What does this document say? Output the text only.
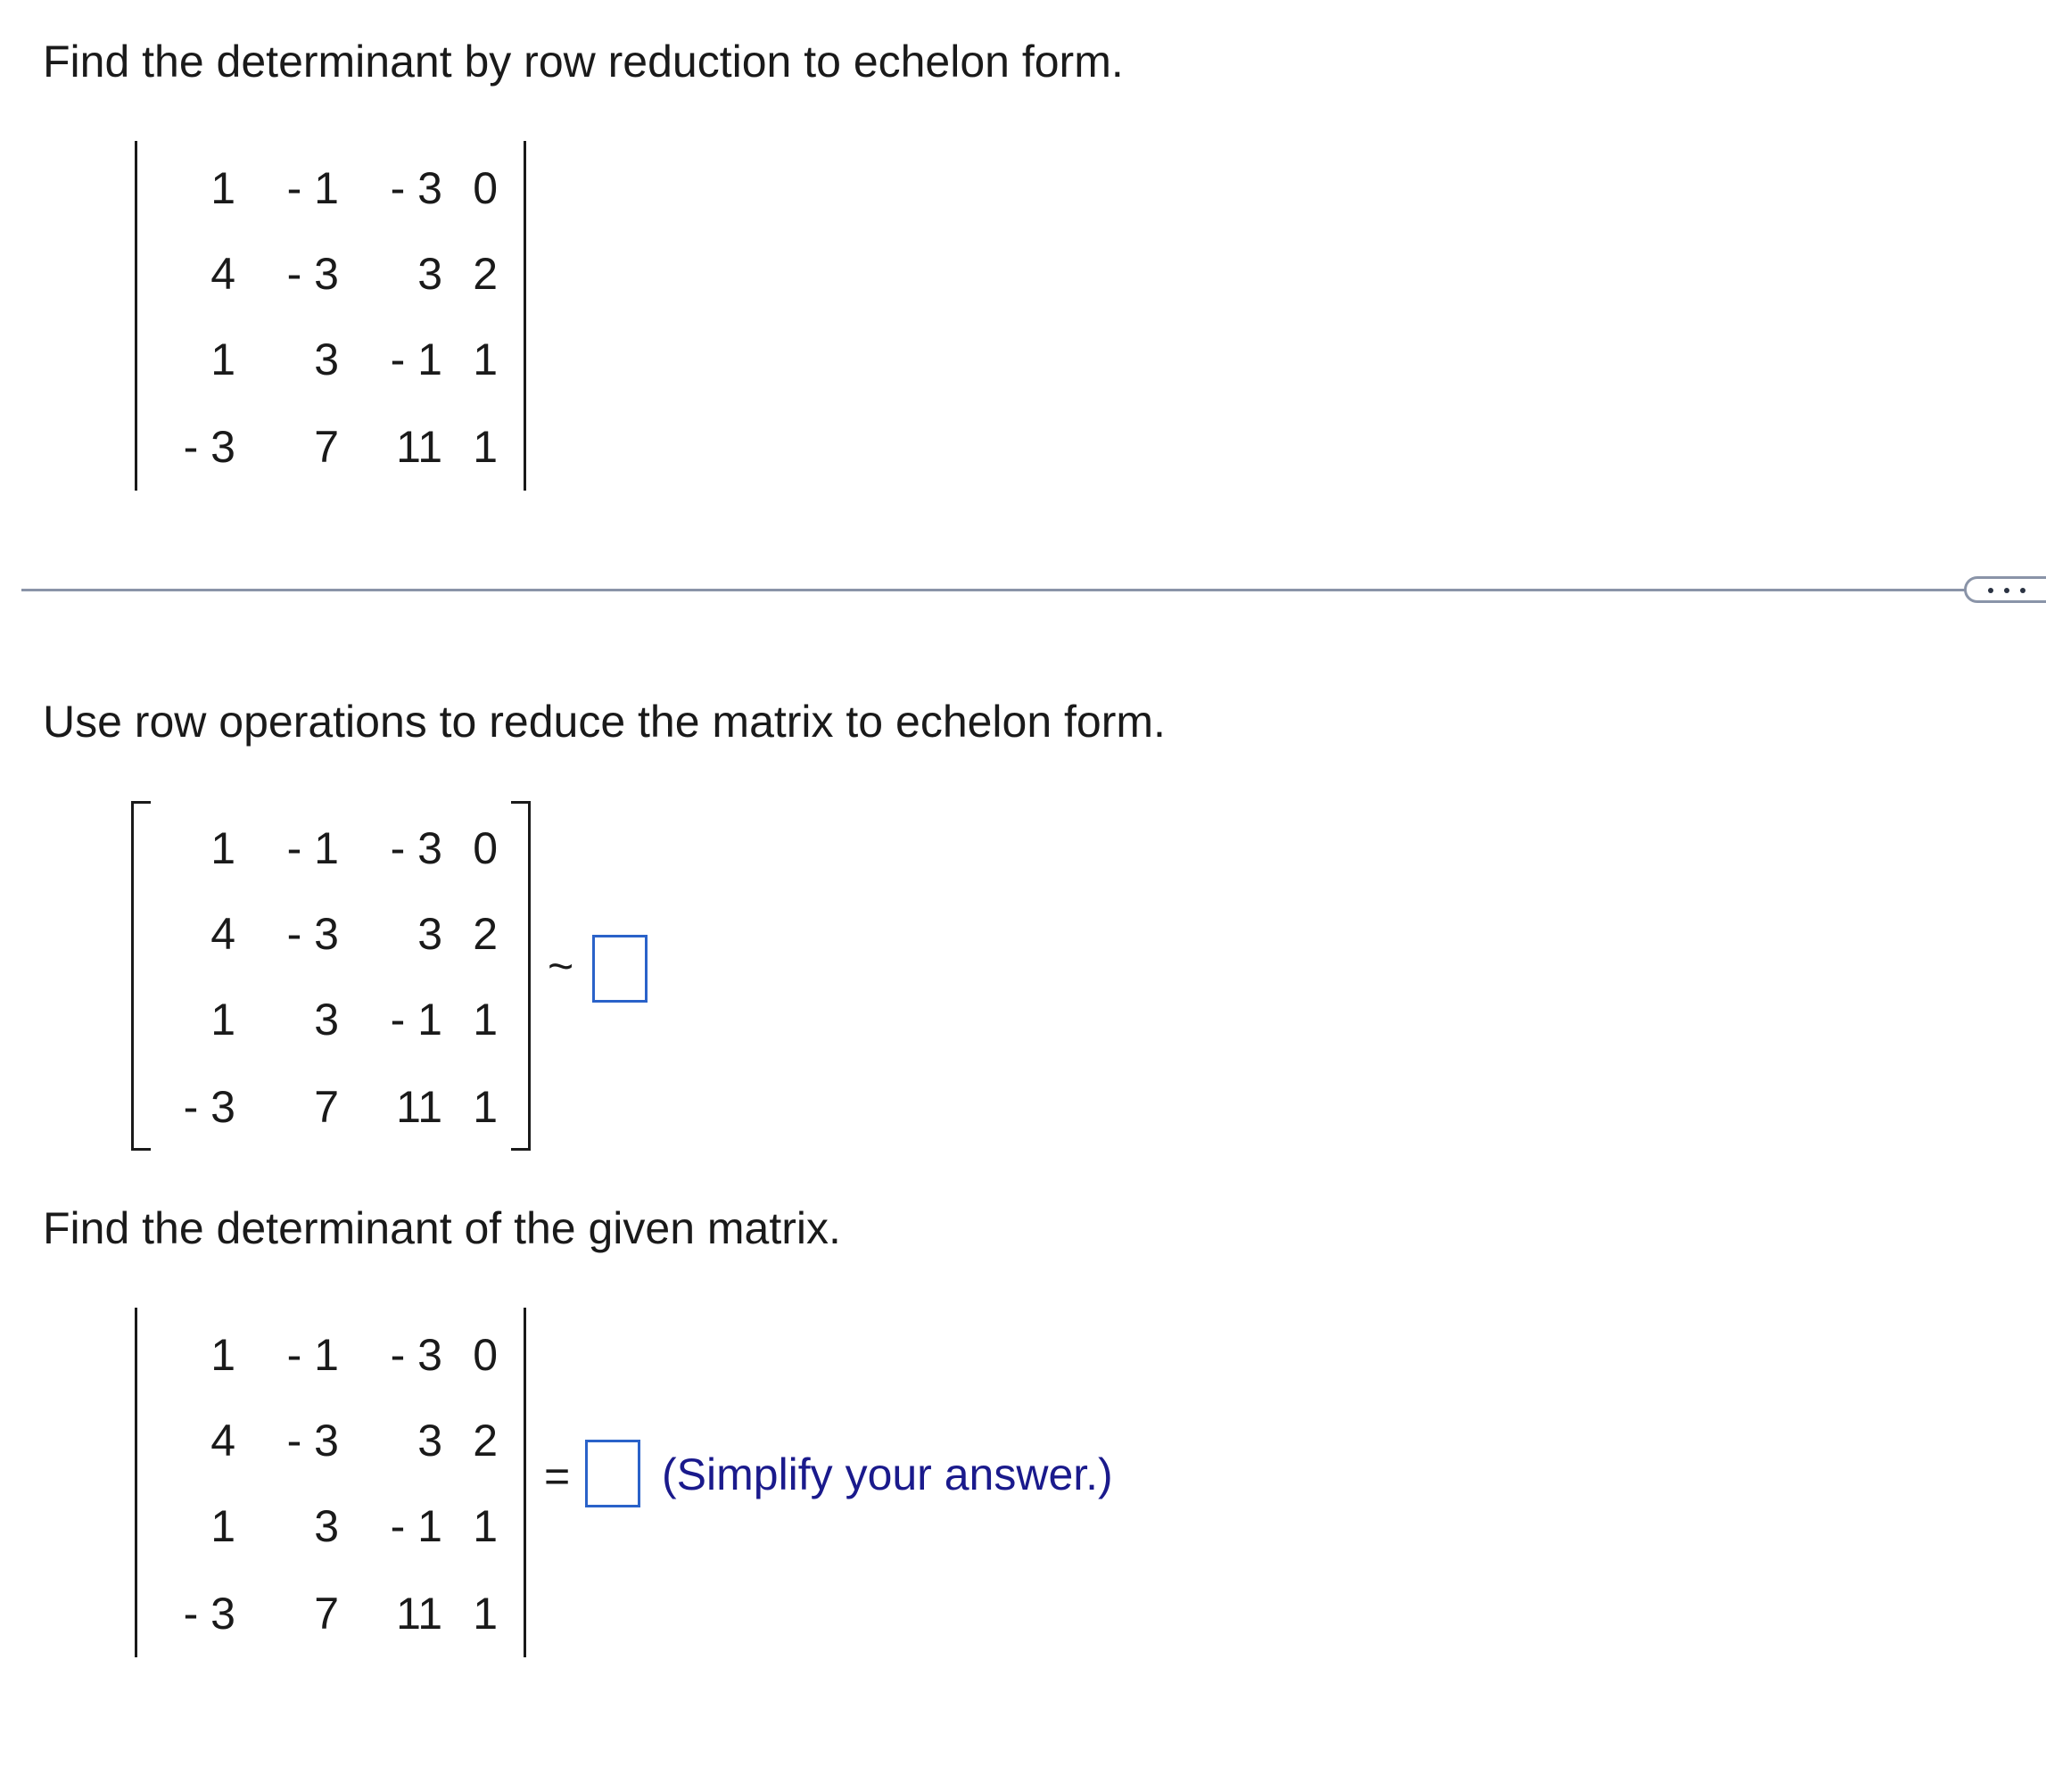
Find the determinant by row reduction to echelon form.
1 - 1 - 3 0
4 - 3 3 2
1 3 - 1 1
- 3 7 11 1
Use row operations to reduce the matrix to echelon form.
1 - 1 - 3 0
4 - 3 3 2
1 3 - 1 1
- 3 7 11 1
~
Find the determinant of the given matrix.
1 - 1 - 3 0
4 - 3 3 2
1 3 - 1 1
- 3 7 11 1
= (Simplify your answer.)
